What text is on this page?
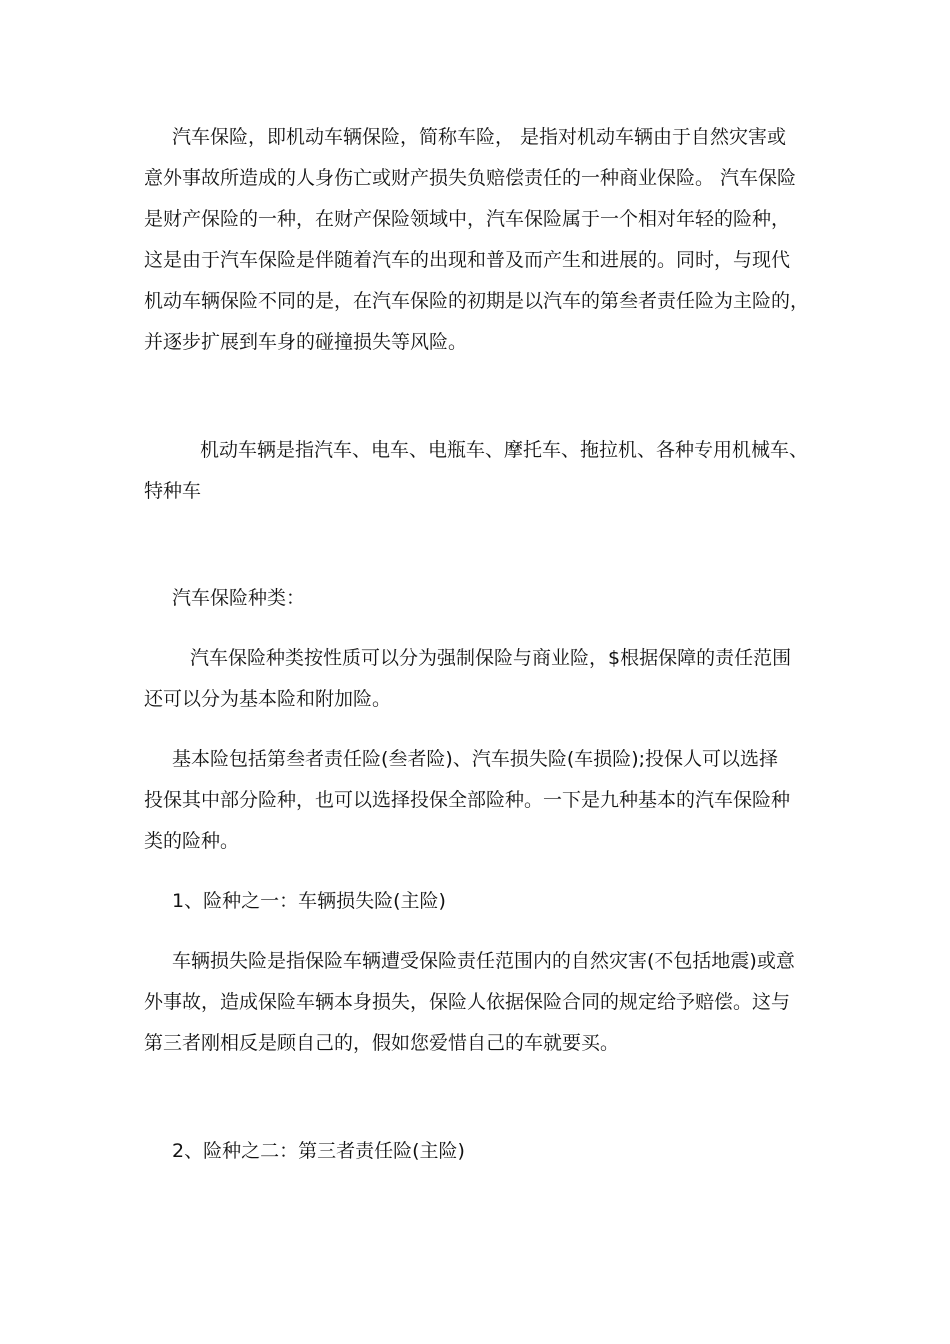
汽车保险，即机动车辆保险，简称车险， 是指对机动车辆由于自然灾害或
意外事故所造成的人身伤亡或财产损失负赔偿责任的一种商业保险。 汽车保险
是财产保险的一种，在财产保险领域中，汽车保险属于一个相对年轻的险种，
这是由于汽车保险是伴随着汽车的出现和普及而产生和进展的。同时，与现代
机动车辆保险不同的是，在汽车保险的初期是以汽车的第叁者责任险为主险的，
并逐步扩展到车身的碰撞损失等风险。

机动车辆是指汽车、电车、电瓶车、摩托车、拖拉机、各种专用机械车、
特种车

汽车保险种类：

汽车保险种类按性质可以分为强制保险与商业险，$根据保障的责任范围
还可以分为基本险和附加险。

基本险包括第叁者责任险(叁者险)、汽车损失险(车损险);投保人可以选择
投保其中部分险种，也可以选择投保全部险种。一下是九种基本的汽车保险种
类的险种。

1、险种之一：车辆损失险(主险)

车辆损失险是指保险车辆遭受保险责任范围内的自然灾害(不包括地震)或意
外事故，造成保险车辆本身损失，保险人依据保险合同的规定给予赔偿。这与
第三者刚相反是顾自己的，假如您爱惜自己的车就要买。

2、险种之二：第三者责任险(主险)
